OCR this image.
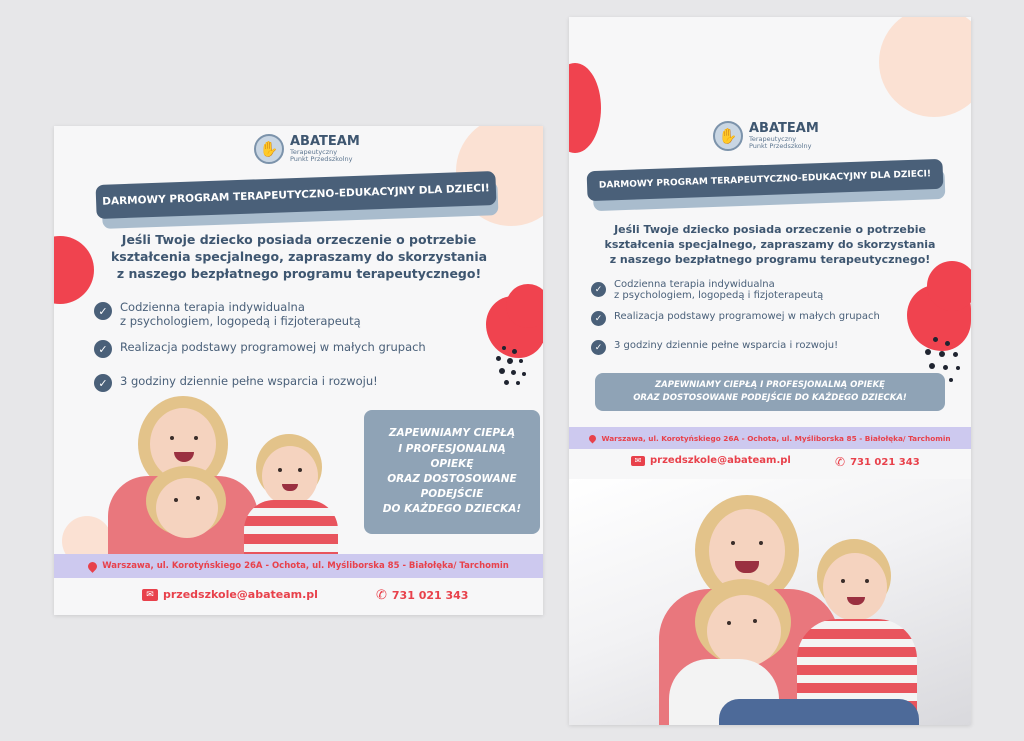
✋ ABATEAM
Terapeutyczny
Punkt Przedszkolny
DARMOWY PROGRAM TERAPEUTYCZNO-EDUKACYJNY DLA DZIECI!
Jeśli Twoje dziecko posiada orzeczenie o potrzebie
kształcenia specjalnego, zapraszamy do skorzystania
z naszego bezpłatnego programu terapeutycznego!
✓	Codzienna terapia indywidualna
z psychologiem, logopedą i fizjoterapeutą
✓	Realizacja podstawy programowej w małych grupach
✓	3 godziny dziennie pełne wsparcia i rozwoju!
ZAPEWNIAMY CIEPŁĄ
I PROFESJONALNĄ
OPIEKĘ
ORAZ DOSTOSOWANE
PODEJŚCIE
DO KAŻDEGO DZIECKA!
Warszawa, ul. Korotyńskiego 26A - Ochota, ul. Myśliborska 85 - Białołęka/ Tarchomin
✉ przedszkole@abateam.pl	✆ 731 021 343
✋ ABATEAM
Terapeutyczny
Punkt Przedszkolny
DARMOWY PROGRAM TERAPEUTYCZNO-EDUKACYJNY DLA DZIECI!
Jeśli Twoje dziecko posiada orzeczenie o potrzebie
kształcenia specjalnego, zapraszamy do skorzystania
z naszego bezpłatnego programu terapeutycznego!
✓	Codzienna terapia indywidualna
z psychologiem, logopedą i fizjoterapeutą
✓	Realizacja podstawy programowej w małych grupach
✓	3 godziny dziennie pełne wsparcia i rozwoju!
ZAPEWNIAMY CIEPŁĄ I PROFESJONALNĄ OPIEKĘ
ORAZ DOSTOSOWANE PODEJŚCIE DO KAŻDEGO DZIECKA!
Warszawa, ul. Korotyńskiego 26A - Ochota, ul. Myśliborska 85 - Białołęka/ Tarchomin
✉ przedszkole@abateam.pl	✆ 731 021 343
